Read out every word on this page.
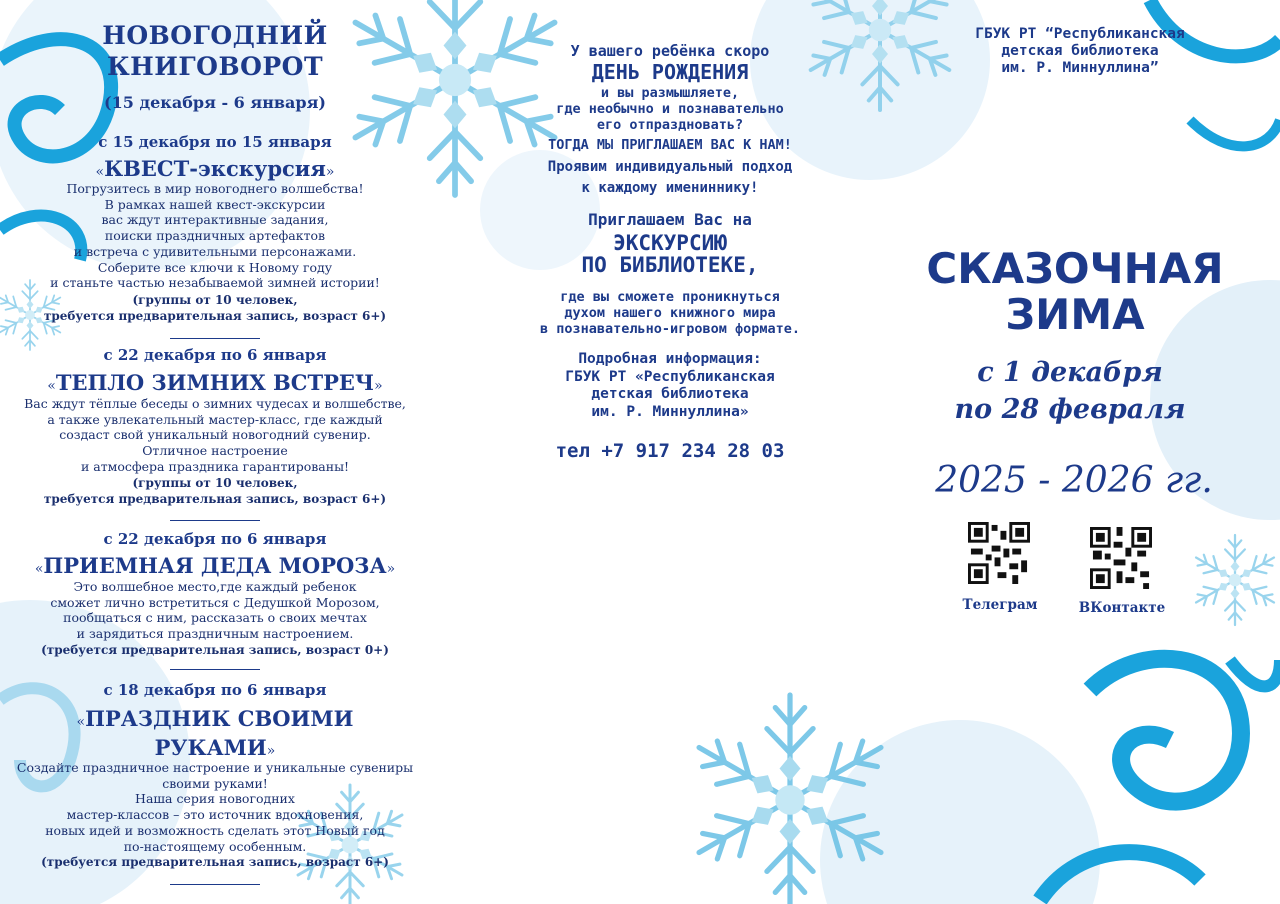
НОВОГОДНИЙ

КНИГОВОРОТ

(15 декабря - 6 января)

с 15 декабря по 15 января

«КВЕСТ-экскурсия»

Погрузитесь в мир новогоднего волшебства!
В рамках нашей квест-экскурсии
вас ждут интерактивные задания,
поиски праздничных артефактов
и встреча с удивительными персонажами.
Соберите все ключи к Новому году
и станьте частью незабываемой зимней истории!
(группы от 10 человек,
требуется предварительная запись, возраст 6+)

с 22 декабря по 6 января

«ТЕПЛО ЗИМНИХ ВСТРЕЧ»

Вас ждут тёплые беседы о зимних чудесах и волшебстве,
а также увлекательный мастер-класс, где каждый
создаст свой уникальный новогодний сувенир.
Отличное настроение
и атмосфера праздника гарантированы!
(группы от 10 человек,
требуется предварительная запись, возраст 6+)

с 22 декабря по 6 января

«ПРИЕМНАЯ ДЕДА МОРОЗА»

Это волшебное место,где каждый ребенок
сможет лично встретиться с Дедушкой Морозом,
пообщаться с ним, рассказать о своих мечтах
и зарядиться праздничным настроением.
(требуется предварительная запись, возраст 0+)

с 18 декабря по 6 января

«ПРАЗДНИК СВОИМИ

РУКАМИ»

Создайте праздничное настроение и уникальные сувениры
своими руками!
Наша серия новогодних
мастер-классов – это источник вдохновения,
новых идей и возможность сделать этот Новый год
по-настоящему особенным.
(требуется предварительная запись, возраст 6+)

У вашего ребёнка скоро

ДЕНЬ РОЖДЕНИЯ

и вы размышляете,
где необычно и познавательно
его отпраздновать?

ТОГДА МЫ ПРИГЛАШАЕМ ВАС К НАМ!

Проявим индивидуальный подход

к каждому имениннику!

Приглашаем Вас на

ЭКСКУРСИЮ

ПО БИБЛИОТЕКЕ,

где вы сможете проникнуться
духом нашего книжного мира
в познавательно-игровом формате.
Подробная информация:
ГБУК РТ «Республиканская
детская библиотека
им. Р. Миннуллина»

тел +7 917 234 28 03

ГБУК РТ “Республиканская
детская библиотека
им. Р. Миннуллина”

СКАЗОЧНАЯ

ЗИМА

с 1 декабря

по 28 февраля

2025 - 2026 гг.

Телеграм	ВКонтакте
